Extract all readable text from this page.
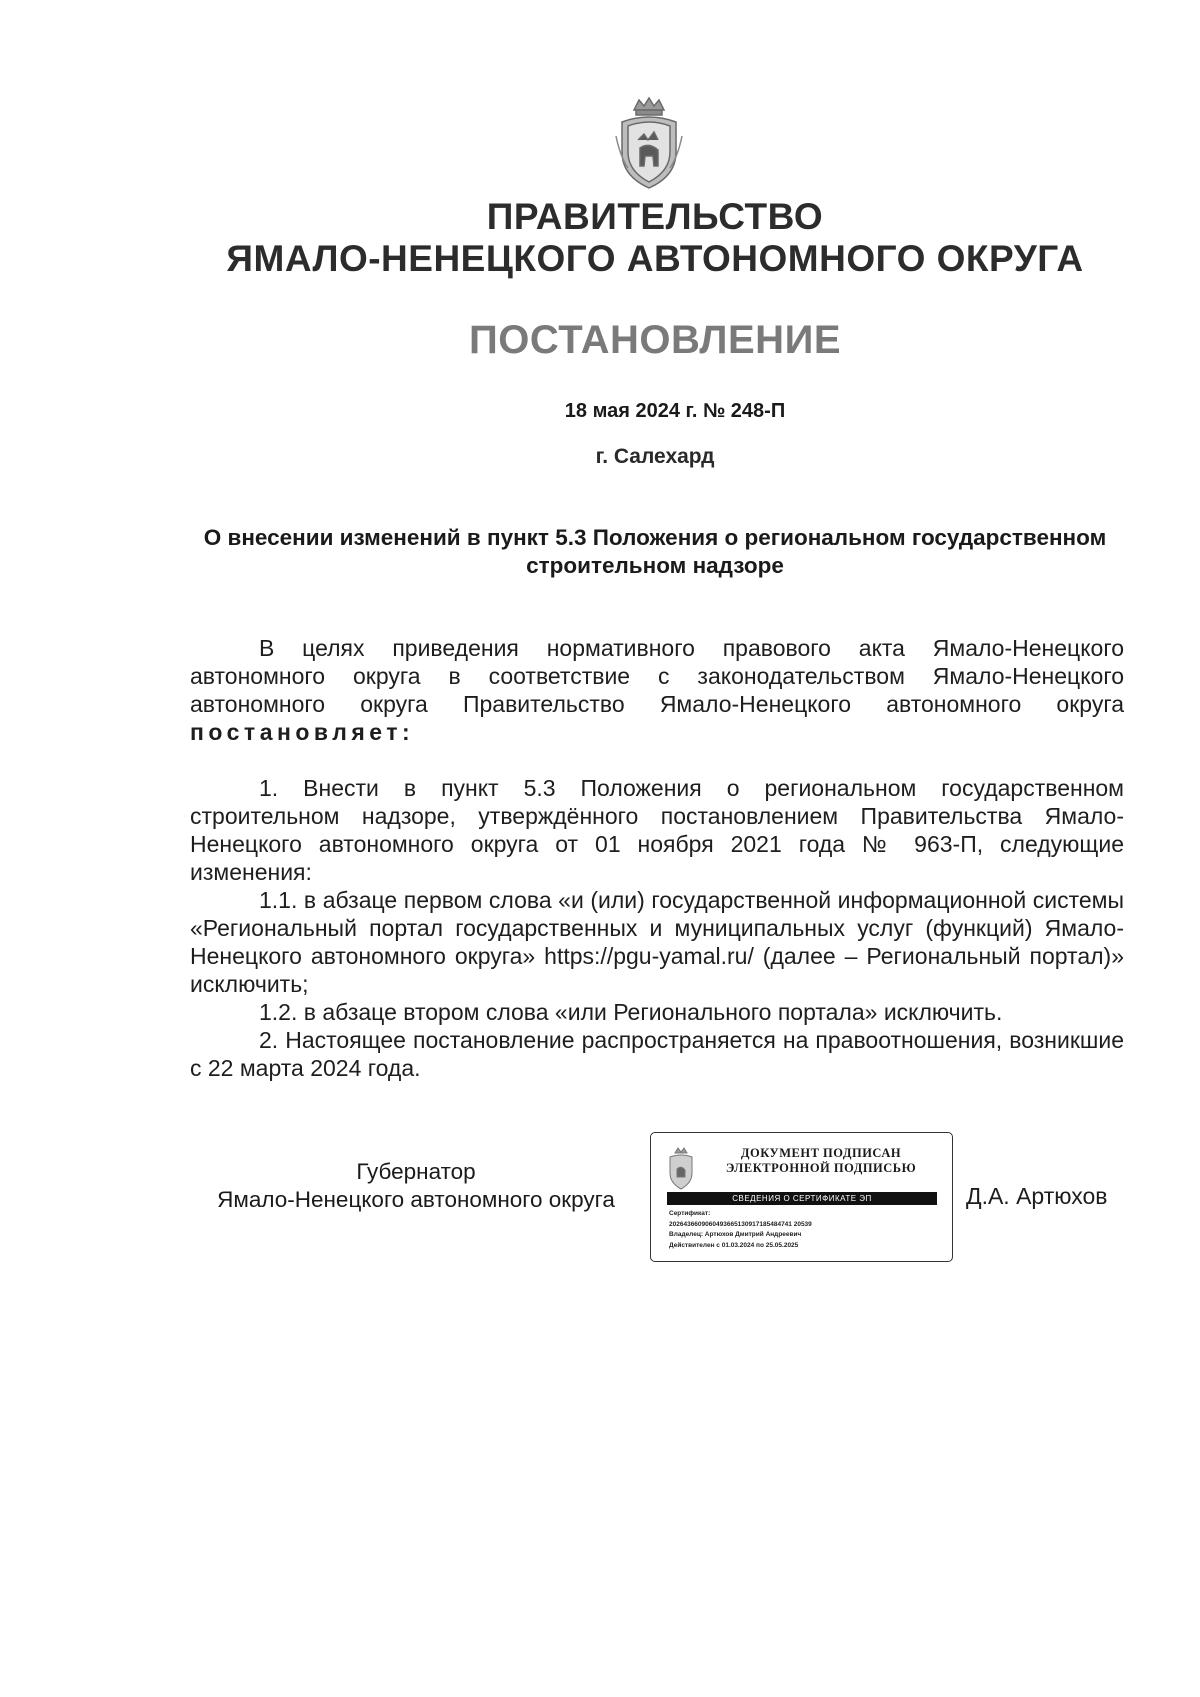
ПРАВИТЕЛЬСТВО
ЯМАЛО-НЕНЕЦКОГО АВТОНОМНОГО ОКРУГА
ПОСТАНОВЛЕНИЕ
18 мая 2024 г. № 248-П
г. Салехард
О внесении изменений в пункт 5.3 Положения о региональном государственном строительном надзоре

В целях приведения нормативного правового акта Ямало-Ненецкого автономного округа в соответствие с законодательством Ямало-Ненецкого автономного округа Правительство Ямало-Ненецкого автономного округа постановляет:

1. Внести в пункт 5.3 Положения о региональном государственном строительном надзоре, утверждённого постановлением Правительства Ямало-Ненецкого автономного округа от 01 ноября 2021 года № 963-П, следующие изменения:

1.1. в абзаце первом слова «и (или) государственной информационной системы «Региональный портал государственных и муниципальных услуг (функций) Ямало-Ненецкого автономного округа» https://pgu-yamal.ru/ (далее – Региональный портал)» исключить;

1.2. в абзаце втором слова «или Регионального портала» исключить.

2. Настоящее постановление распространяется на правоотношения, возникшие с 22 марта 2024 года.

Губернатор
Ямало-Ненецкого автономного округа
ДОКУМЕНТ ПОДПИСАН
ЭЛЕКТРОННОЙ ПОДПИСЬЮ
СВЕДЕНИЯ О СЕРТИФИКАТЕ ЭП
Сертификат:
2026436609060493665130917185484741 20539
Владелец: Артюхов Дмитрий Андреевич
Действителен с 01.03.2024 по 25.05.2025
Д.А. Артюхов
